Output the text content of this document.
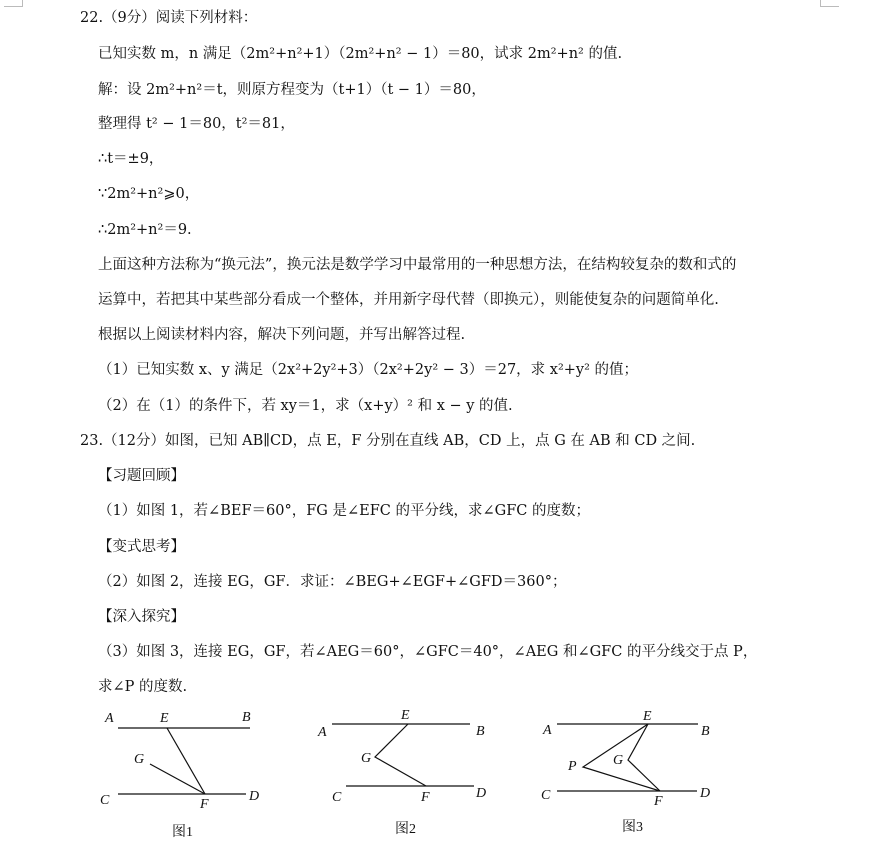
22.（9分）阅读下列材料：
已知实数 m，n 满足（2m²+n²+1）（2m²+n² − 1）＝80，试求 2m²+n² 的值.
解：设 2m²+n²＝t，则原方程变为（t+1）（t − 1）＝80，
整理得 t² − 1＝80，t²＝81，
∴t＝±9，
∵2m²+n²⩾0，
∴2m²+n²＝9.
上面这种方法称为“换元法”，换元法是数学学习中最常用的一种思想方法，在结构较复杂的数和式的
运算中，若把其中某些部分看成一个整体，并用新字母代替（即换元），则能使复杂的问题简单化.
根据以上阅读材料内容，解决下列问题，并写出解答过程.
（1）已知实数 x、y 满足（2x²+2y²+3）（2x²+2y² − 3）＝27，求 x²+y² 的值；
（2）在（1）的条件下，若 xy＝1，求（x+y）² 和 x − y 的值.
23.（12分）如图，已知 AB∥CD，点 E，F 分别在直线 AB，CD 上，点 G 在 AB 和 CD 之间.
【习题回顾】
（1）如图 1，若∠BEF＝60°，FG 是∠EFC 的平分线，求∠GFC 的度数；
【变式思考】
（2）如图 2，连接 EG，GF．求证：∠BEG+∠EGF+∠GFD＝360°；
【深入探究】
（3）如图 3，连接 EG，GF，若∠AEG＝60°，∠GFC＝40°，∠AEG 和∠GFC 的平分线交于点 P，
求∠P 的度数.
A	E	B
G
C	F
D
A
E
B
G
C	F	D
A
E
B
P	G
C	F
D
图1	图2	图3
